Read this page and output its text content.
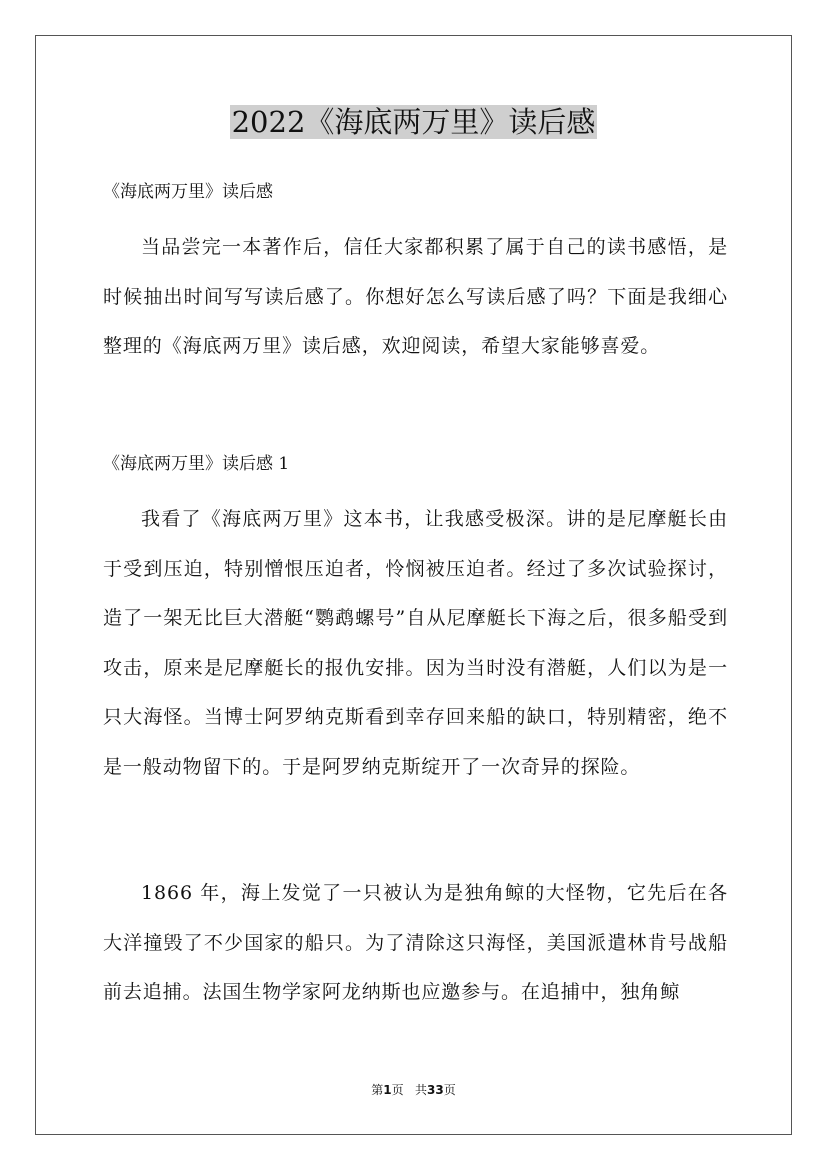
2022《海底两万里》读后感

《海底两万里》读后感

当品尝完一本著作后，信任大家都积累了属于自己的读书感悟，是时候抽出时间写写读后感了。你想好怎么写读后感了吗？下面是我细心整理的《海底两万里》读后感，欢迎阅读，希望大家能够喜爱。

《海底两万里》读后感 1

我看了《海底两万里》这本书，让我感受极深。讲的是尼摩艇长由于受到压迫，特别憎恨压迫者，怜悯被压迫者。经过了多次试验探讨，造了一架无比巨大潜艇“鹦鹉螺号”自从尼摩艇长下海之后，很多船受到攻击，原来是尼摩艇长的报仇安排。因为当时没有潜艇，人们以为是一只大海怪。当博士阿罗纳克斯看到幸存回来船的缺口，特别精密，绝不是一般动物留下的。于是阿罗纳克斯绽开了一次奇异的探险。

1866 年，海上发觉了一只被认为是独角鲸的大怪物，它先后在各大洋撞毁了不少国家的船只。为了清除这只海怪，美国派遣林肯号战船前去追捕。法国生物学家阿龙纳斯也应邀参与。在追捕中，独角鲸

第1页   共33页
